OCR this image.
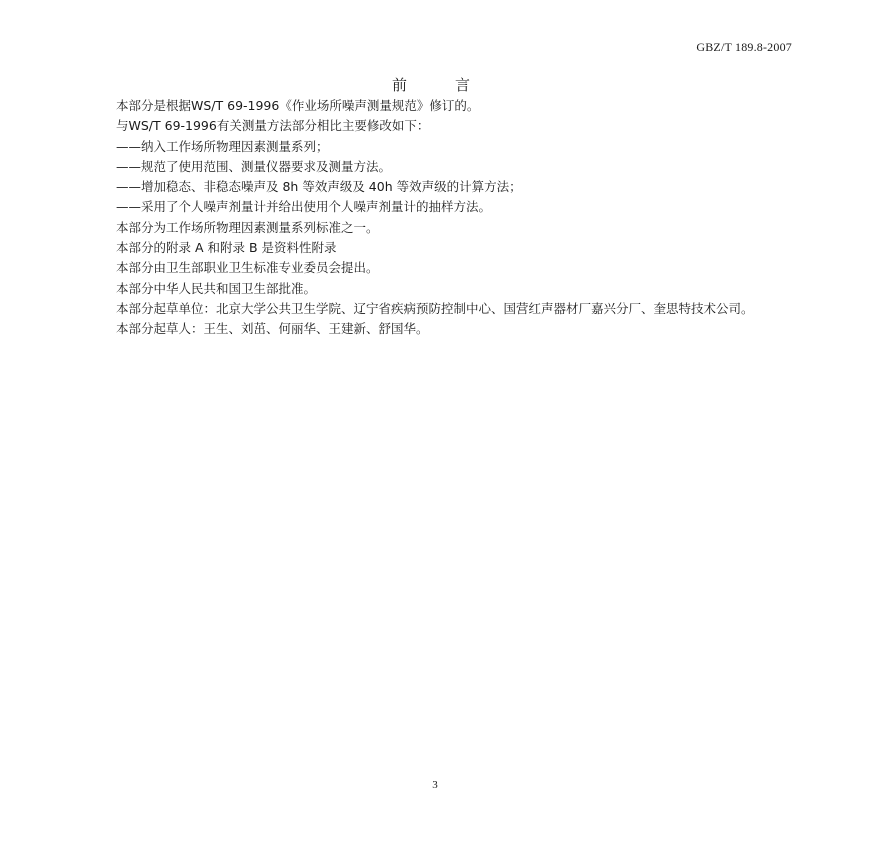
GBZ/T 189.8-2007
前言

本部分是根据WS/T 69-1996《作业场所噪声测量规范》修订的。

与WS/T 69-1996有关测量方法部分相比主要修改如下：

——纳入工作场所物理因素测量系列；

——规范了使用范围、测量仪器要求及测量方法。

——增加稳态、非稳态噪声及 8h 等效声级及 40h 等效声级的计算方法；

——采用了个人噪声剂量计并给出使用个人噪声剂量计的抽样方法。

本部分为工作场所物理因素测量系列标准之一。

本部分的附录 A 和附录 B 是资料性附录

本部分由卫生部职业卫生标准专业委员会提出。

本部分中华人民共和国卫生部批准。

本部分起草单位：北京大学公共卫生学院、辽宁省疾病预防控制中心、国营红声器材厂嘉兴分厂、奎思特技术公司。

本部分起草人：王生、刘茁、何丽华、王建新、舒国华。

3
